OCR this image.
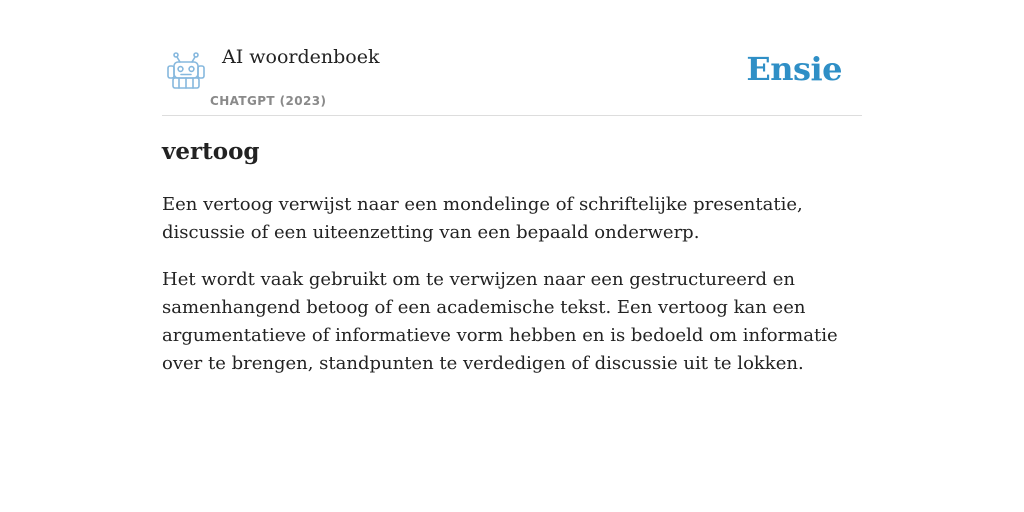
AI woordenboek
CHATGPT (2023)
Ensie
vertoog

Een vertoog verwijst naar een mondelinge of schriftelijke presentatie, discussie of een uiteenzetting van een bepaald onderwerp.

Het wordt vaak gebruikt om te verwijzen naar een gestructureerd en samenhangend betoog of een academische tekst. Een vertoog kan een argumentatieve of informatieve vorm hebben en is bedoeld om informatie over te brengen, standpunten te verdedigen of discussie uit te lokken.
